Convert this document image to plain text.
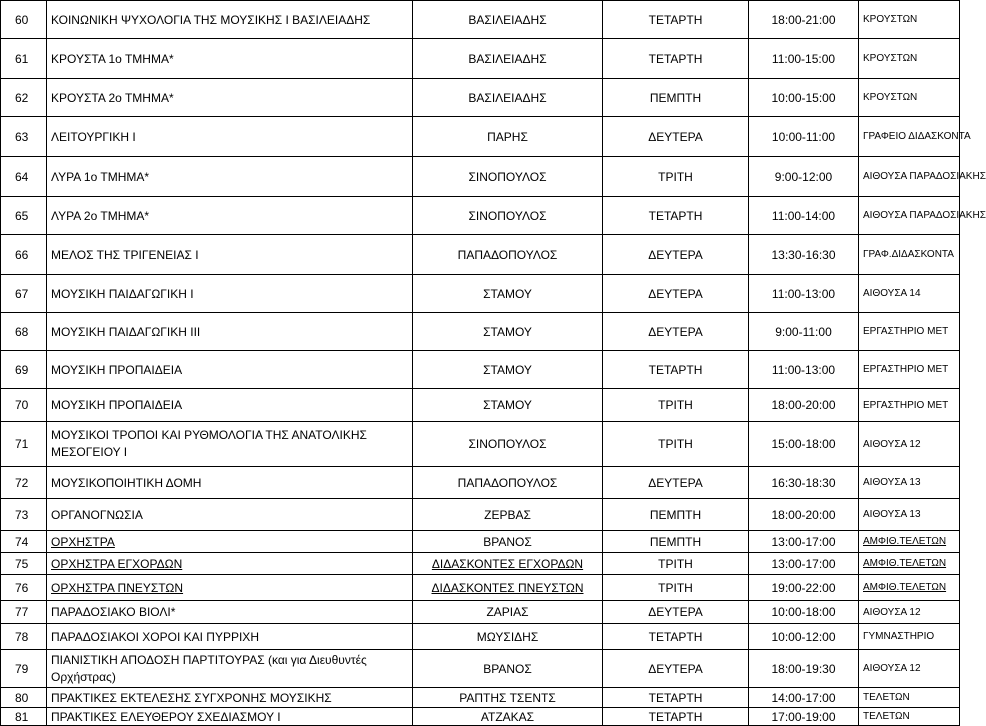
60	ΚΟΙΝΩΝΙΚΗ ΨΥΧΟΛΟΓΙΑ ΤΗΣ ΜΟΥΣΙΚΗΣ Ι ΒΑΣΙΛΕΙΑΔΗΣ	ΒΑΣΙΛΕΙΑΔΗΣ	ΤΕΤΑΡΤΗ	18:00-21:00	ΚΡΟΥΣΤΩΝ
61	ΚΡΟΥΣΤΑ 1ο ΤΜΗΜΑ*	ΒΑΣΙΛΕΙΑΔΗΣ	ΤΕΤΑΡΤΗ	11:00-15:00	ΚΡΟΥΣΤΩΝ
62	ΚΡΟΥΣΤΑ 2ο ΤΜΗΜΑ*	ΒΑΣΙΛΕΙΑΔΗΣ	ΠΕΜΠΤΗ	10:00-15:00	ΚΡΟΥΣΤΩΝ
63	ΛΕΙΤΟΥΡΓΙΚΗ Ι	ΠΑΡΗΣ	ΔΕΥΤΕΡΑ	10:00-11:00	ΓΡΑΦΕΙΟ ΔΙΔΑΣΚΟΝΤΑ
64	ΛΥΡΑ 1ο ΤΜΗΜΑ*	ΣΙΝΟΠΟΥΛΟΣ	ΤΡΙΤΗ	9:00-12:00	ΑΙΘΟΥΣΑ ΠΑΡΑΔΟΣΙΑΚΗΣ
65	ΛΥΡΑ 2ο ΤΜΗΜΑ*	ΣΙΝΟΠΟΥΛΟΣ	ΤΕΤΑΡΤΗ	11:00-14:00	ΑΙΘΟΥΣΑ ΠΑΡΑΔΟΣΙΑΚΗΣ
66	ΜΕΛΟΣ ΤΗΣ ΤΡΙΓΕΝΕΙΑΣ Ι	ΠΑΠΑΔΟΠΟΥΛΟΣ	ΔΕΥΤΕΡΑ	13:30-16:30	ΓΡΑΦ.ΔΙΔΑΣΚΟΝΤΑ
67	ΜΟΥΣΙΚΗ ΠΑΙΔΑΓΩΓΙΚΗ Ι	ΣΤΑΜΟΥ	ΔΕΥΤΕΡΑ	11:00-13:00	ΑΙΘΟΥΣΑ 14
68	ΜΟΥΣΙΚΗ ΠΑΙΔΑΓΩΓΙΚΗ ΙΙΙ	ΣΤΑΜΟΥ	ΔΕΥΤΕΡΑ	9:00-11:00	ΕΡΓΑΣΤΗΡΙΟ ΜΕΤ
69	ΜΟΥΣΙΚΗ ΠΡΟΠΑΙΔΕΙΑ	ΣΤΑΜΟΥ	ΤΕΤΑΡΤΗ	11:00-13:00	ΕΡΓΑΣΤΗΡΙΟ ΜΕΤ
70	ΜΟΥΣΙΚΗ ΠΡΟΠΑΙΔΕΙΑ	ΣΤΑΜΟΥ	ΤΡΙΤΗ	18:00-20:00	ΕΡΓΑΣΤΗΡΙΟ ΜΕΤ
71	ΜΟΥΣΙΚΟΙ ΤΡΟΠΟΙ ΚΑΙ ΡΥΘΜΟΛΟΓΙΑ ΤΗΣ ΑΝΑΤΟΛΙΚΗΣ ΜΕΣΟΓΕΙΟΥ Ι	ΣΙΝΟΠΟΥΛΟΣ	ΤΡΙΤΗ	15:00-18:00	ΑΙΘΟΥΣΑ 12
72	ΜΟΥΣΙΚΟΠΟΙΗΤΙΚΗ ΔΟΜΗ	ΠΑΠΑΔΟΠΟΥΛΟΣ	ΔΕΥΤΕΡΑ	16:30-18:30	ΑΙΘΟΥΣΑ 13
73	ΟΡΓΑΝΟΓΝΩΣΙΑ	ΖΕΡΒΑΣ	ΠΕΜΠΤΗ	18:00-20:00	ΑΙΘΟΥΣΑ 13
74	ΟΡΧΗΣΤΡΑ	ΒΡΑΝΟΣ	ΠΕΜΠΤΗ	13:00-17:00	ΑΜΦΙΘ.ΤΕΛΕΤΩΝ
75	ΟΡΧΗΣΤΡΑ ΕΓΧΟΡΔΩΝ	ΔΙΔΑΣΚΟΝΤΕΣ ΕΓΧΟΡΔΩΝ	ΤΡΙΤΗ	13:00-17:00	ΑΜΦΙΘ.ΤΕΛΕΤΩΝ
76	ΟΡΧΗΣΤΡΑ ΠΝΕΥΣΤΩΝ	ΔΙΔΑΣΚΟΝΤΕΣ ΠΝΕΥΣΤΩΝ	ΤΡΙΤΗ	19:00-22:00	ΑΜΦΙΘ.ΤΕΛΕΤΩΝ
77	ΠΑΡΑΔΟΣΙΑΚΟ ΒΙΟΛΙ*	ΖΑΡΙΑΣ	ΔΕΥΤΕΡΑ	10:00-18:00	ΑΙΘΟΥΣΑ 12
78	ΠΑΡΑΔΟΣΙΑΚΟΙ ΧΟΡΟΙ ΚΑΙ ΠΥΡΡΙΧΗ	ΜΩΥΣΙΔΗΣ	ΤΕΤΑΡΤΗ	10:00-12:00	ΓΥΜΝΑΣΤΗΡΙΟ
79	ΠΙΑΝΙΣΤΙΚΗ ΑΠΟΔΟΣΗ ΠΑΡΤΙΤΟΥΡΑΣ (και για Διευθυντές Ορχήστρας)	ΒΡΑΝΟΣ	ΔΕΥΤΕΡΑ	18:00-19:30	ΑΙΘΟΥΣΑ 12
80	ΠΡΑΚΤΙΚΕΣ ΕΚΤΕΛΕΣΗΣ ΣΥΓΧΡΟΝΗΣ ΜΟΥΣΙΚΗΣ	ΡΑΠΤΗΣ ΤΣΕΝΤΣ	ΤΕΤΑΡΤΗ	14:00-17:00	ΤΕΛΕΤΩΝ
81	ΠΡΑΚΤΙΚΕΣ ΕΛΕΥΘΕΡΟΥ ΣΧΕΔΙΑΣΜΟΥ Ι	ΑΤΖΑΚΑΣ	ΤΕΤΑΡΤΗ	17:00-19:00	ΤΕΛΕΤΩΝ
